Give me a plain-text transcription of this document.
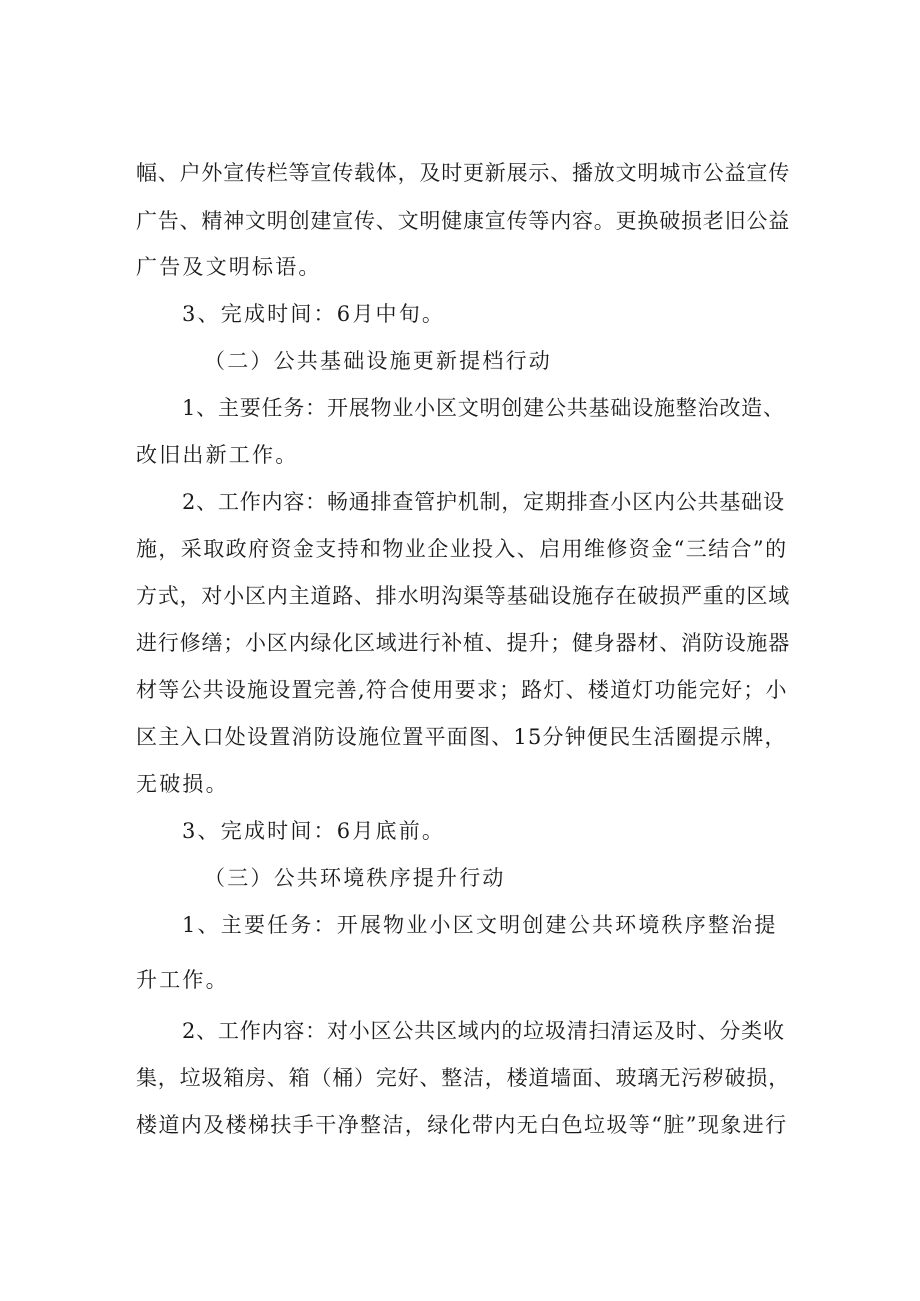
幅、户外宣传栏等宣传载体，及时更新展示、播放文明城市公益宣传
广告、精神文明创建宣传、文明健康宣传等内容。更换破损老旧公益
广告及文明标语。
3、完成时间：6月中旬。
（二）公共基础设施更新提档行动
1、主要任务：开展物业小区文明创建公共基础设施整治改造、
改旧出新工作。
2、工作内容：畅通排查管护机制，定期排查小区内公共基础设
施，采取政府资金支持和物业企业投入、启用维修资金“三结合”的
方式，对小区内主道路、排水明沟渠等基础设施存在破损严重的区域
进行修缮；小区内绿化区域进行补植、提升；健身器材、消防设施器
材等公共设施设置完善,符合使用要求；路灯、楼道灯功能完好；小
区主入口处设置消防设施位置平面图、15分钟便民生活圈提示牌，
无破损。
3、完成时间：6月底前。
（三）公共环境秩序提升行动
1、主要任务：开展物业小区文明创建公共环境秩序整治提
升工作。
2、工作内容：对小区公共区域内的垃圾清扫清运及时、分类收
集，垃圾箱房、箱（桶）完好、整洁，楼道墙面、玻璃无污秽破损，
楼道内及楼梯扶手干净整洁，绿化带内无白色垃圾等“脏”现象进行
